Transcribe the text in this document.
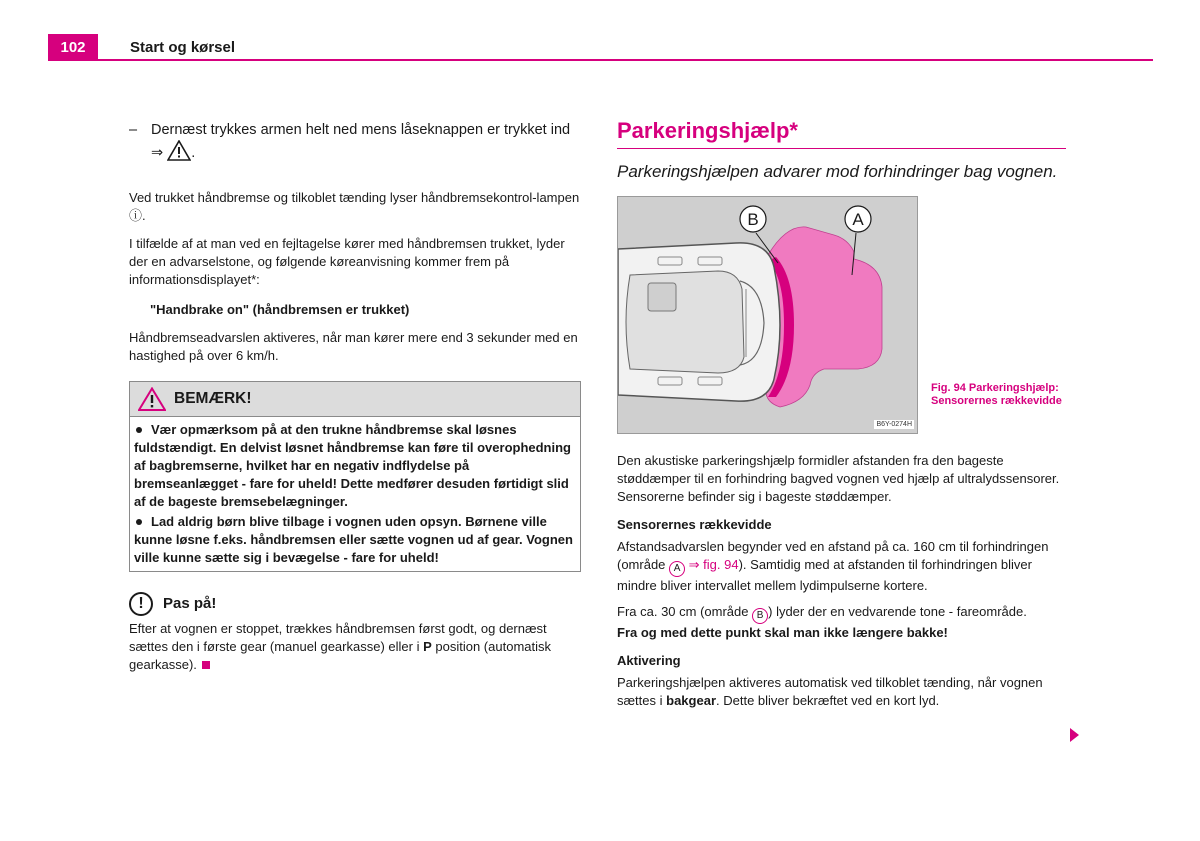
102	Start og kørsel
– Dernæst trykkes armen helt ned mens låseknappen er trykket ind ⇒ .

Ved trukket håndbremse og tilkoblet tænding lyser håndbremsekontrol-lampen ⓘ.

I tilfælde af at man ved en fejltagelse kører med håndbremsen trukket, lyder der en advarselstone, og følgende køreanvisning kommer frem på informationsdisplayet*:

"Handbrake on" (håndbremsen er trukket)

Håndbremseadvarslen aktiveres, når man kører mere end 3 sekunder med en hastighed på over 6 km/h.

BEMÆRK!
Vær opmærksom på at den trukne håndbremse skal løsnes fuldstændigt. En delvist løsnet håndbremse kan føre til overophedning af bagbremserne, hvilket har en negativ indflydelse på bremseanlægget - fare for uheld! Dette medfører desuden førtidigt slid af de bageste bremsebelægninger.
Lad aldrig børn blive tilbage i vognen uden opsyn. Børnene ville kunne løsne f.eks. håndbremsen eller sætte vognen ud af gear. Vognen ville kunne sætte sig i bevægelse - fare for uheld!
!	Pas på!

Efter at vognen er stoppet, trækkes håndbremsen først godt, og dernæst sættes den i første gear (manuel gearkasse) eller i P position (automatisk gearkasse).

Parkeringshjælp*

Parkeringshjælpen advarer mod forhindringer bag vognen.

B	A
B6Y-0274H
Fig. 94 Parkeringshjælp: Sensorernes rækkevidde

Den akustiske parkeringshjælp formidler afstanden fra den bageste støddæmper til en forhindring bagved vognen ved hjælp af ultralydssensorer. Sensorerne befinder sig i bageste støddæmper.

Sensorernes rækkevidde

Afstandsadvarslen begynder ved en afstand på ca. 160 cm til forhindringen (område A ⇒ fig. 94). Samtidig med at afstanden til forhindringen bliver mindre bliver intervallet mellem lydimpulserne kortere.

Fra ca. 30 cm (område B ) lyder der en vedvarende tone - fareområde.
Fra og med dette punkt skal man ikke længere bakke!

Aktivering

Parkeringshjælpen aktiveres automatisk ved tilkoblet tænding, når vognen sættes i bakgear. Dette bliver bekræftet ved en kort lyd.
